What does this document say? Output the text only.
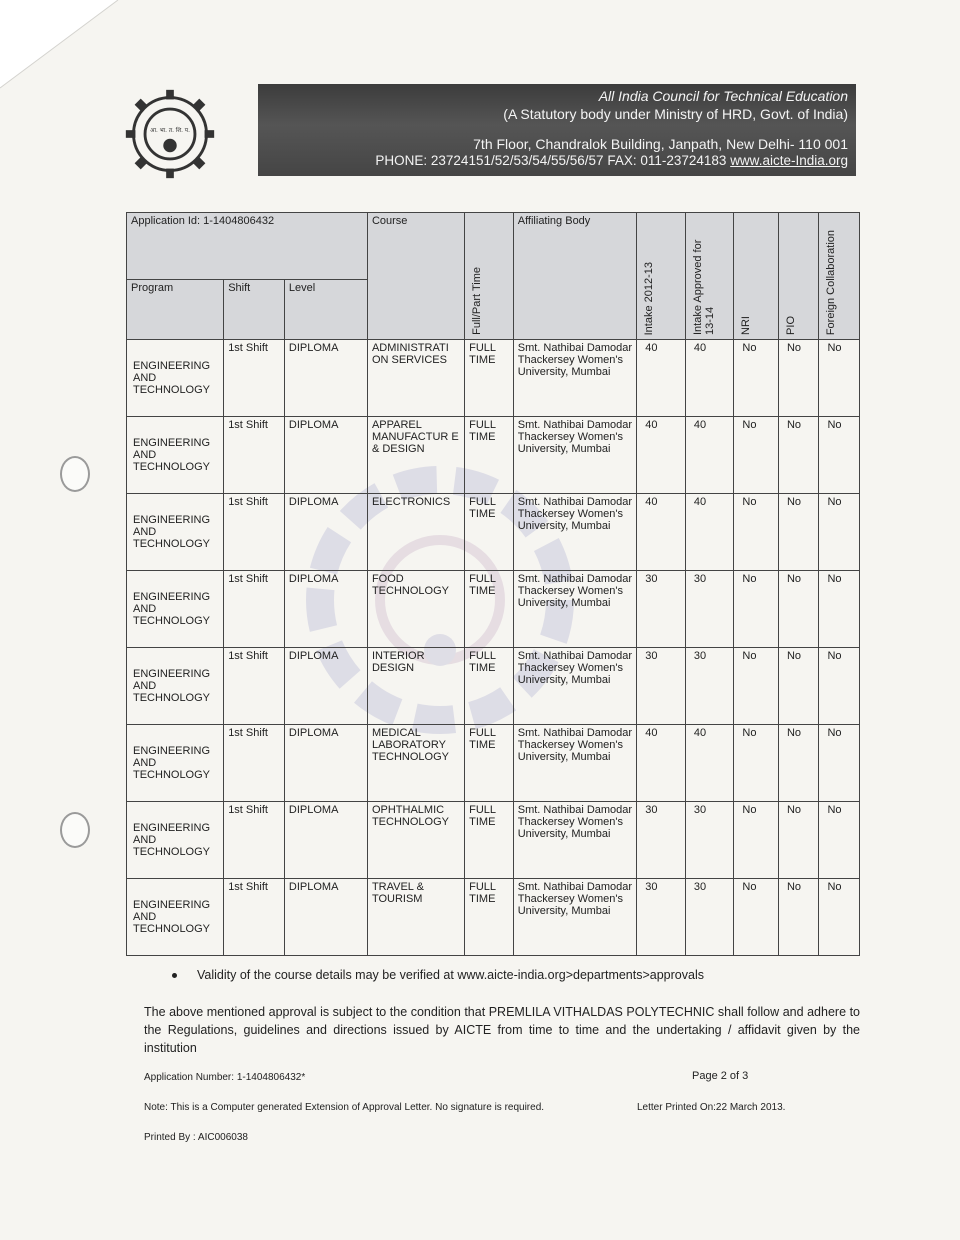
आ. भा. त. शि. प.
All India Council for Technical Education
(A Statutory body under Ministry of HRD, Govt. of India)
7th Floor, Chandralok Building, Janpath, New Delhi- 110 001
PHONE: 23724151/52/53/54/55/56/57 FAX: 011-23724183 www.aicte-India.org
Application Id: 1-1404806432			Course	Full/Part Time	Affiliating Body	Intake 2012-13	Intake Approved for 13-14	NRI	PIO	Foreign Collaboration

Program	Shift	Level								
ENGINEERING AND TECHNOLOGY	1st Shift	DIPLOMA	ADMINISTRATI ON SERVICES	FULL TIME	Smt. Nathibai Damodar Thackersey Women's University, Mumbai	40	40	No	No	No
ENGINEERING AND TECHNOLOGY	1st Shift	DIPLOMA	APPAREL MANUFACTUR E & DESIGN	FULL TIME	Smt. Nathibai Damodar Thackersey Women's University, Mumbai	40	40	No	No	No
ENGINEERING AND TECHNOLOGY	1st Shift	DIPLOMA	ELECTRONICS	FULL TIME	Smt. Nathibai Damodar Thackersey Women's University, Mumbai	40	40	No	No	No
ENGINEERING AND TECHNOLOGY	1st Shift	DIPLOMA	FOOD TECHNOLOGY	FULL TIME	Smt. Nathibai Damodar Thackersey Women's University, Mumbai	30	30	No	No	No
ENGINEERING AND TECHNOLOGY	1st Shift	DIPLOMA	INTERIOR DESIGN	FULL TIME	Smt. Nathibai Damodar Thackersey Women's University, Mumbai	30	30	No	No	No
ENGINEERING AND TECHNOLOGY	1st Shift	DIPLOMA	MEDICAL LABORATORY TECHNOLOGY	FULL TIME	Smt. Nathibai Damodar Thackersey Women's University, Mumbai	40	40	No	No	No
ENGINEERING AND TECHNOLOGY	1st Shift	DIPLOMA	OPHTHALMIC TECHNOLOGY	FULL TIME	Smt. Nathibai Damodar Thackersey Women's University, Mumbai	30	30	No	No	No
ENGINEERING AND TECHNOLOGY	1st Shift	DIPLOMA	TRAVEL & TOURISM	FULL TIME	Smt. Nathibai Damodar Thackersey Women's University, Mumbai	30	30	No	No	No
Validity of the course details may be verified at www.aicte-india.org>departments>approvals
The above mentioned approval is subject to the condition that PREMLILA VITHALDAS POLYTECHNIC shall follow and adhere to the Regulations, guidelines and directions issued by AICTE from time to time and the undertaking / affidavit given by the institution
Application Number: 1-1404806432*	Page 2 of 3
Note: This is a Computer generated Extension of Approval Letter. No signature is required.	Letter Printed On:22 March 2013.
Printed By : AIC006038
